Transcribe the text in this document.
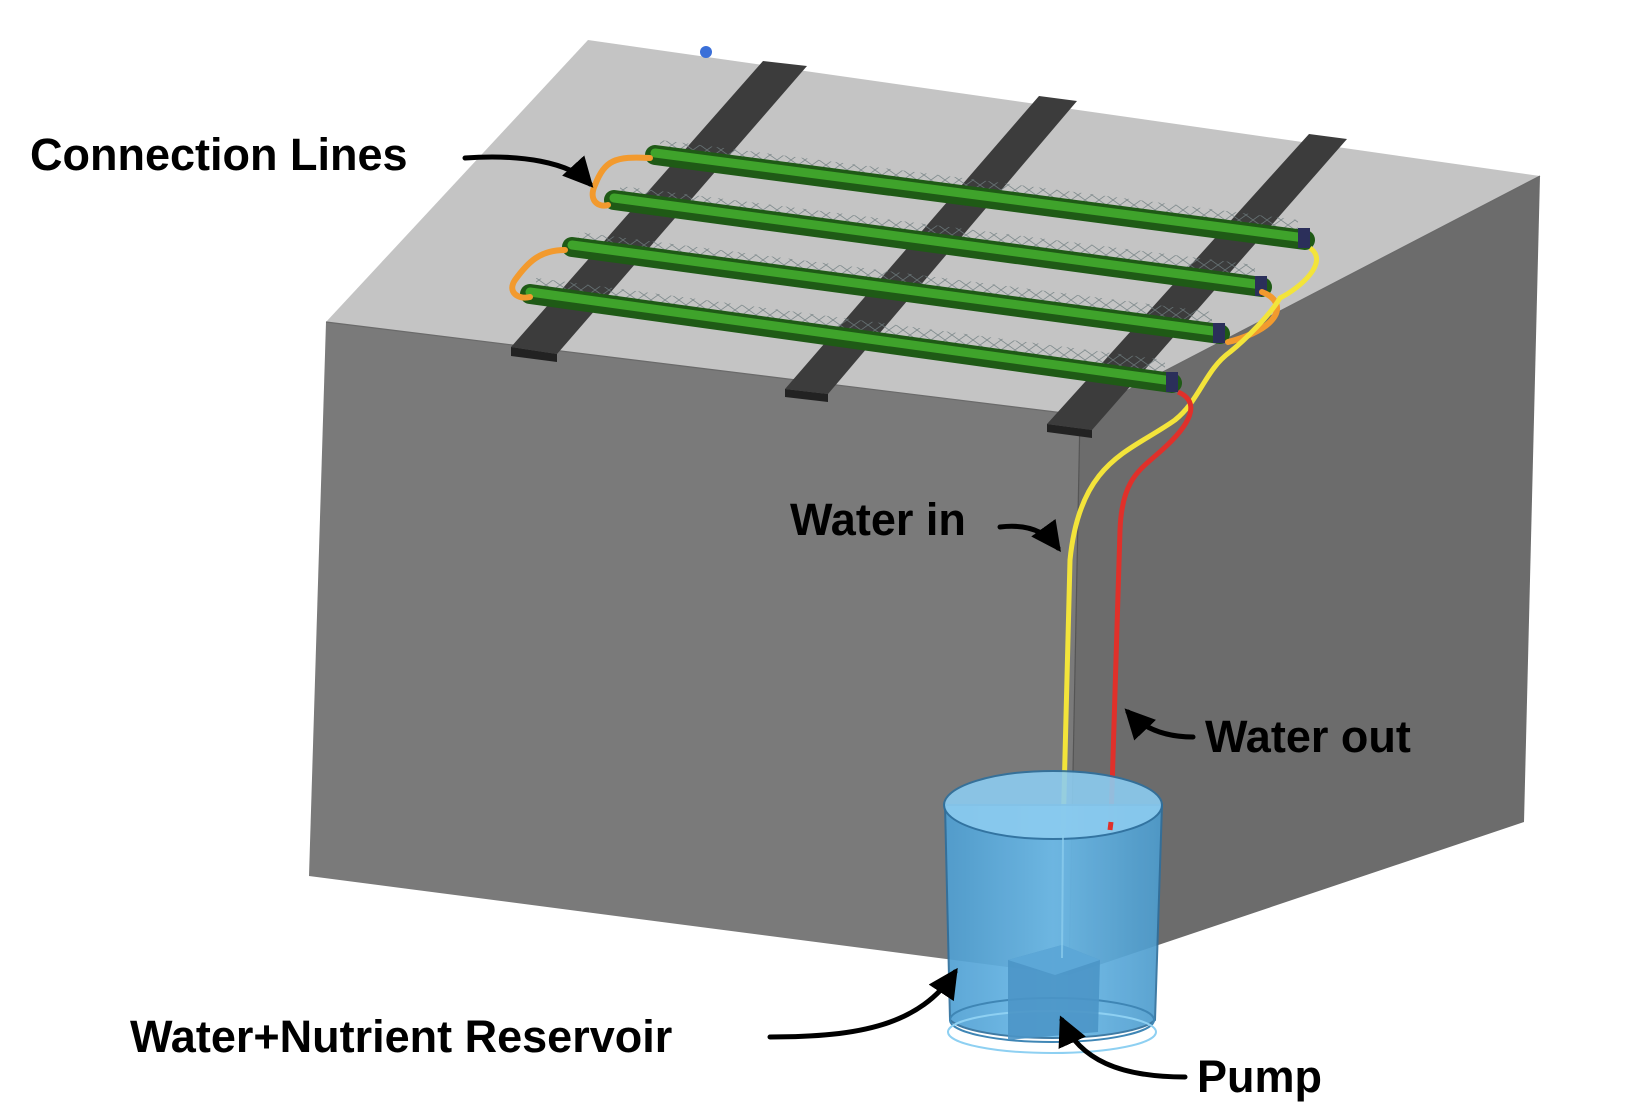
Connection Lines
Water in
Water out
Water+Nutrient Reservoir
Pump
